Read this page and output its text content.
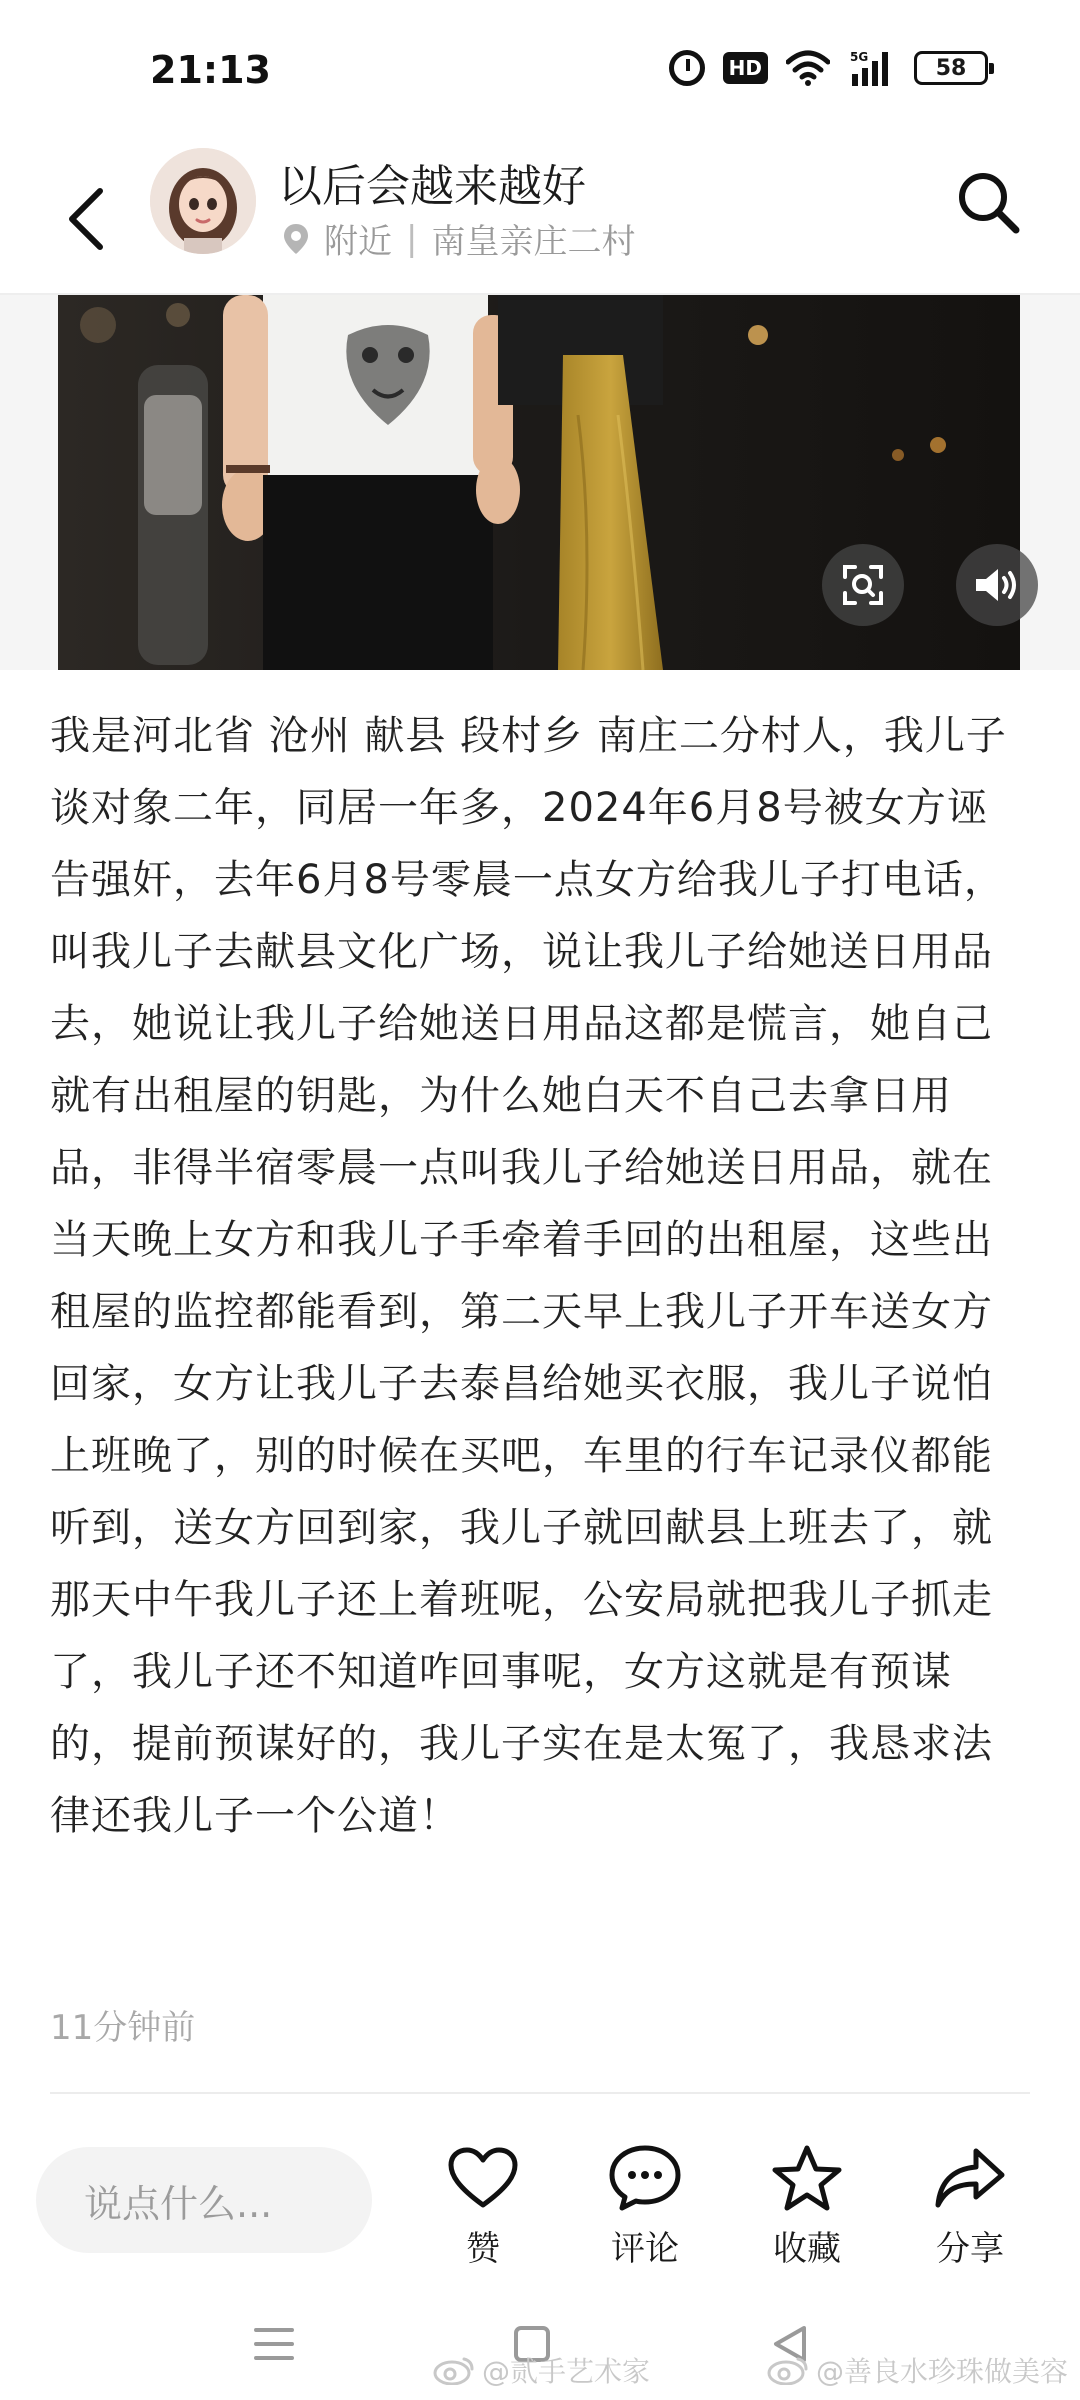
21:13	HD	5G	58
以后会越来越好
附近 | 南皇亲庄二村
我是河北省 沧州 献县 段村乡 南庄二分村人，我儿子谈对象二年，同居一年多，2024年6月8号被女方诬告强奸，去年6月8号零晨一点女方给我儿子打电话，叫我儿子去献县文化广场，说让我儿子给她送日用品去，她说让我儿子给她送日用品这都是慌言，她自己就有出租屋的钥匙，为什么她白天不自己去拿日用品，非得半宿零晨一点叫我儿子给她送日用品，就在当天晚上女方和我儿子手牵着手回的出租屋，这些出租屋的监控都能看到，第二天早上我儿子开车送女方回家，女方让我儿子去泰昌给她买衣服，我儿子说怕上班晚了，别的时候在买吧，车里的行车记录仪都能听到，送女方回到家，我儿子就回献县上班去了，就那天中午我儿子还上着班呢，公安局就把我儿子抓走了，我儿子还不知道咋回事呢，女方这就是有预谋的，提前预谋好的，我儿子实在是太冤了，我恳求法律还我儿子一个公道！
11分钟前
说点什么...
赞	评论	收藏	分享
@贰手艺术家	@善良水珍珠做美容
